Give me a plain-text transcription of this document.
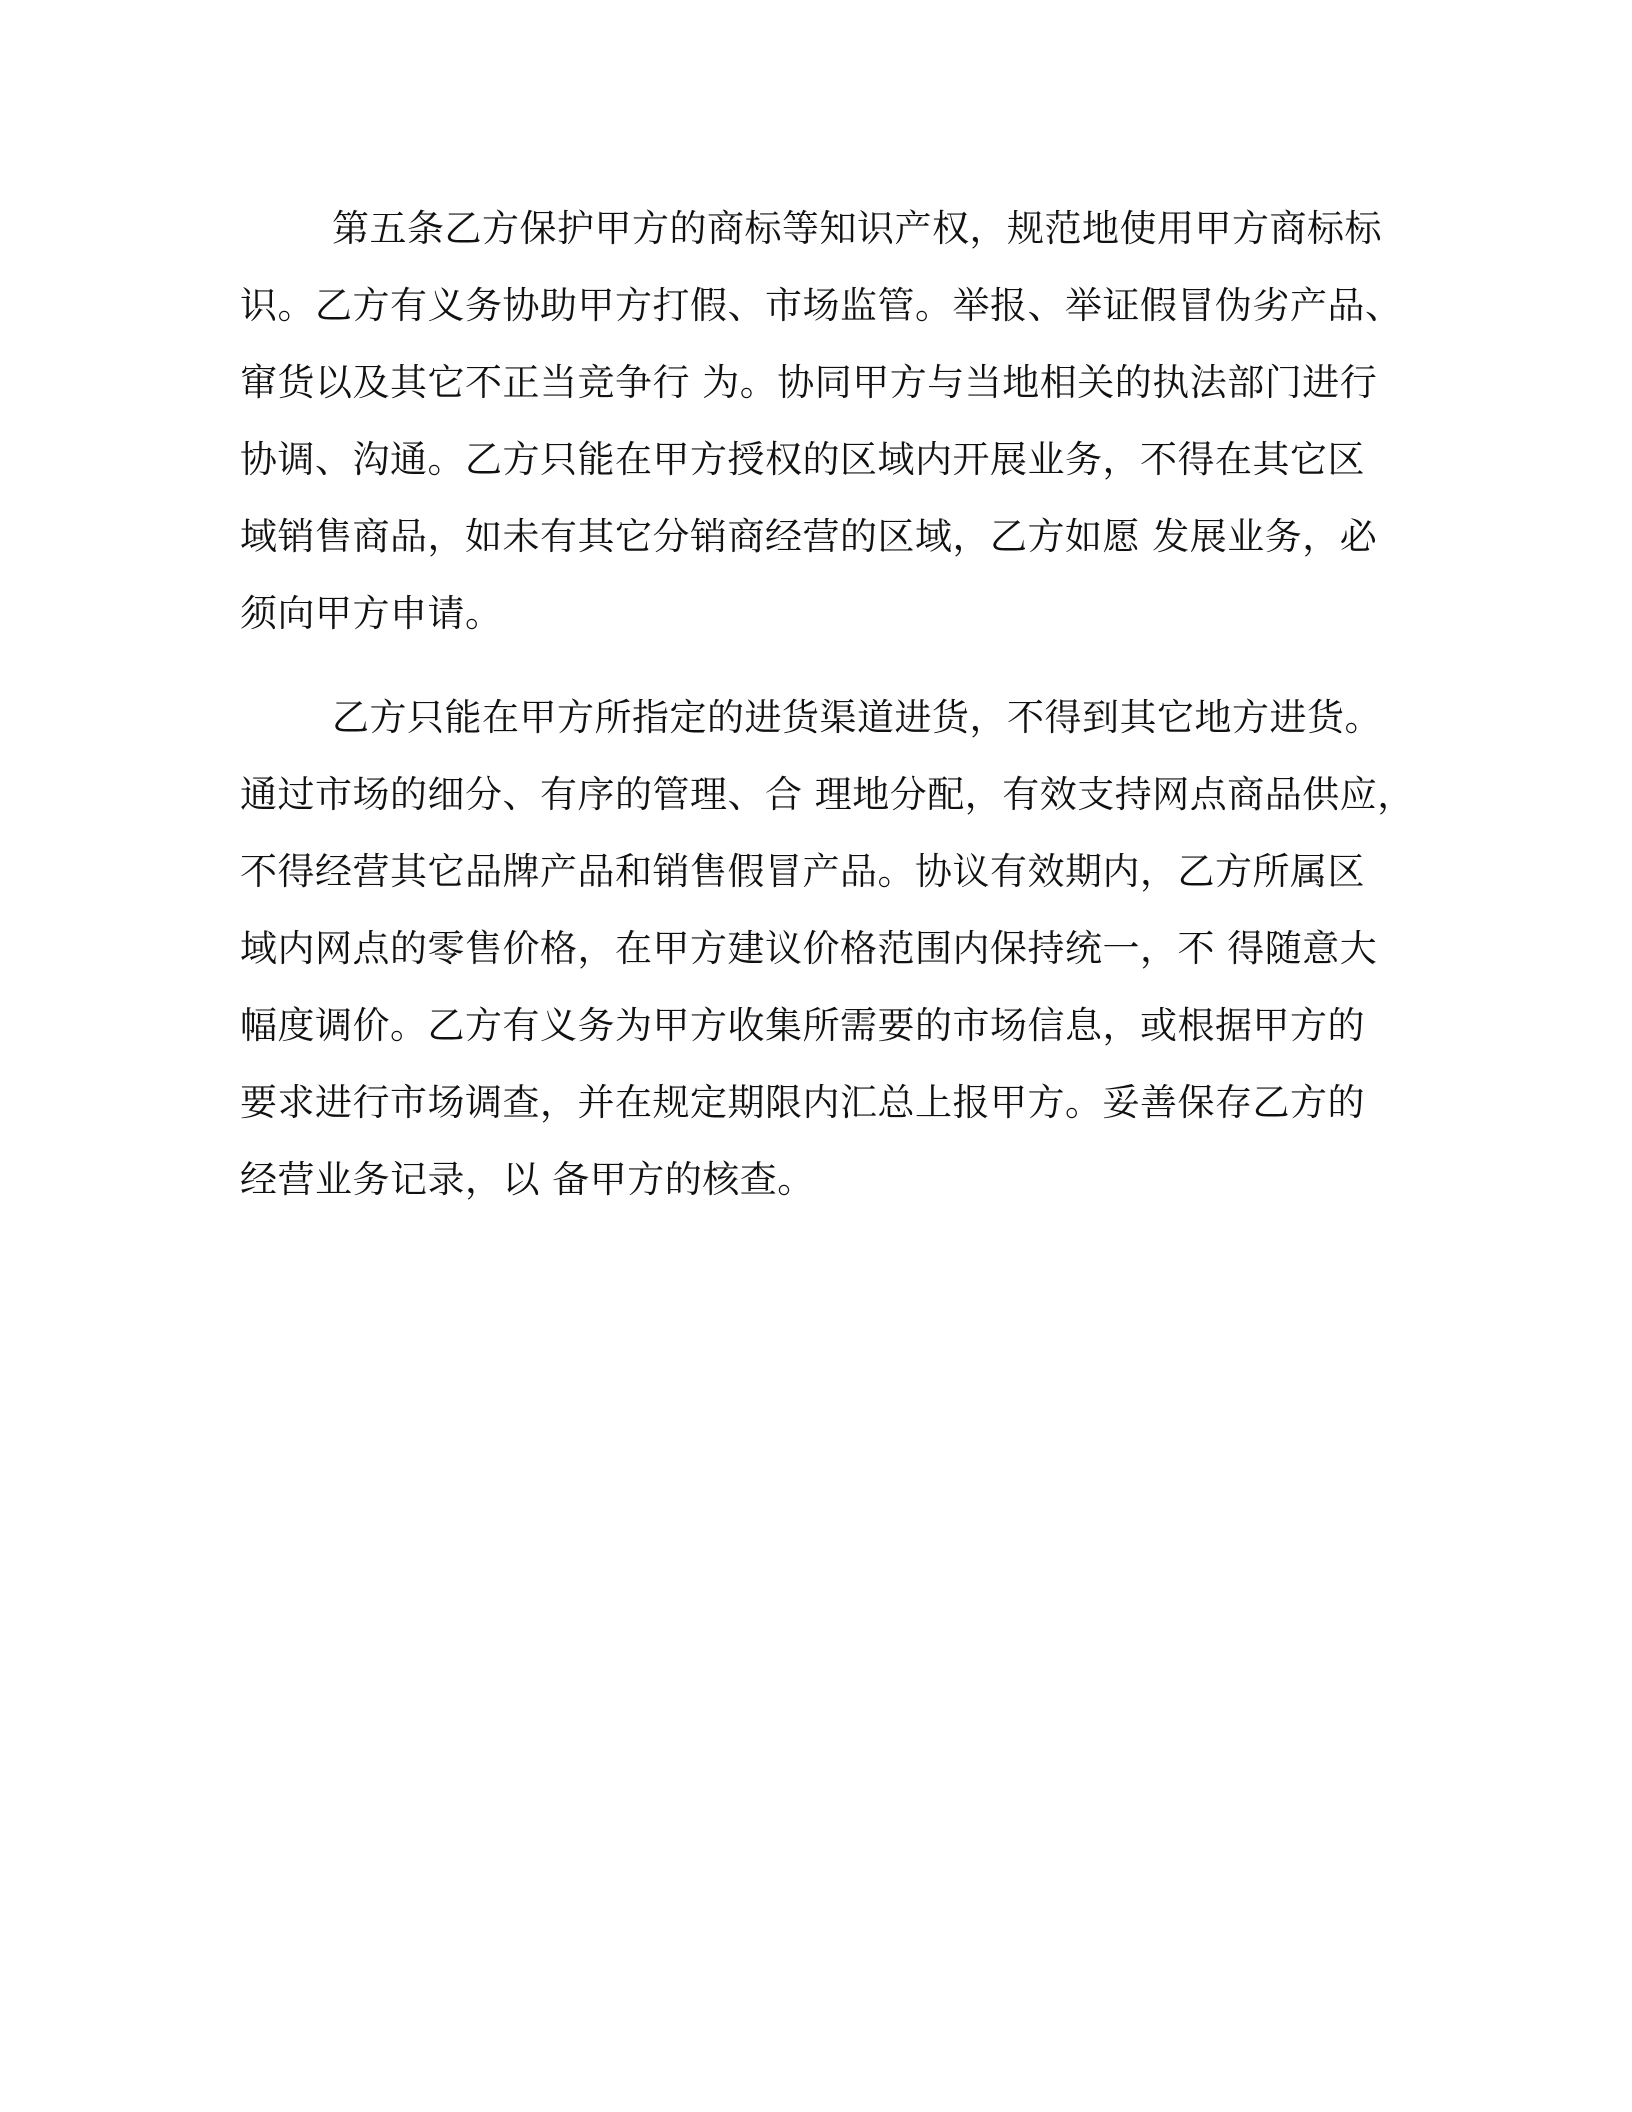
第五条乙方保护甲方的商标等知识产权，规范地使用甲方商标标
识。乙方有义务协助甲方打假、市场监管。举报、举证假冒伪劣产品、
窜货以及其它不正当竞争行 为。协同甲方与当地相关的执法部门进行
协调、沟通。乙方只能在甲方授权的区域内开展业务，不得在其它区
域销售商品，如未有其它分销商经营的区域，乙方如愿 发展业务，必
须向甲方申请。
乙方只能在甲方所指定的进货渠道进货，不得到其它地方进货。
通过市场的细分、有序的管理、合 理地分配，有效支持网点商品供应，
不得经营其它品牌产品和销售假冒产品。协议有效期内，乙方所属区
域内网点的零售价格，在甲方建议价格范围内保持统一，不 得随意大
幅度调价。乙方有义务为甲方收集所需要的市场信息，或根据甲方的
要求进行市场调查，并在规定期限内汇总上报甲方。妥善保存乙方的
经营业务记录，以 备甲方的核查。
